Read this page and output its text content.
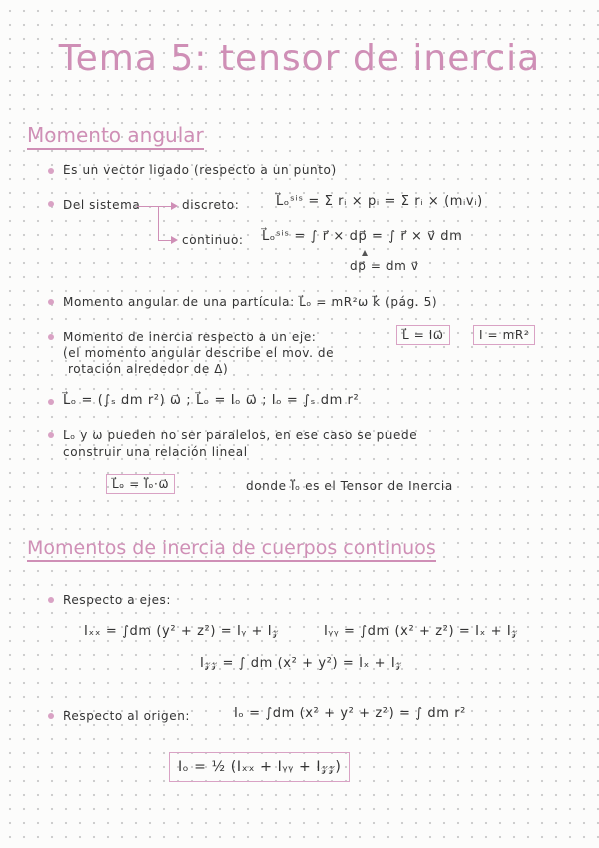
Tema 5: tensor de inercia
Momento angular
Es un vector ligado (respecto a un punto)
Del sistema	discreto:	L⃗ₒˢⁱˢ = Σ rᵢ × pᵢ = Σ rᵢ × (mᵢvᵢ)
continuo: L⃗ₒˢⁱˢ = ∫ r⃗ × dp⃗ = ∫ r⃗ × v⃗ dm
dp⃗ = dm v⃗
Momento angular de una partícula: L⃗ₒ = mR²ω k⃗ (pág. 5)
Momento de inercia respecto a un eje:	L⃗ = Iω⃗	I = mR²
(el momento angular describe el mov. de
rotación alrededor de Δ)
L⃗ₒ = (∫ₛ dm r²) ω⃗ ; L⃗ₒ = Iₒ ω⃗ ; Iₒ = ∫ₛ dm r²
Lₒ y ω pueden no ser paralelos, en ese caso se puede
construir una relación lineal
L⃗ₒ = I⃡ₒ·ω⃗	donde I⃡ₒ es el Tensor de Inercia
Momentos de inercia de cuerpos continuos
Respecto a ejes:
Iₓₓ = ∫dm (y² + z²) = Iᵧ + I𝓏	Iᵧᵧ = ∫dm (x² + z²) = Iₓ + I𝓏
I𝓏𝓏 = ∫ dm (x² + y²) = Iₓ + I𝓏
Respecto al origen:	Iₒ = ∫dm (x² + y² + z²) = ∫ dm r²
Iₒ = ½ (Iₓₓ + Iᵧᵧ + I𝓏𝓏)
